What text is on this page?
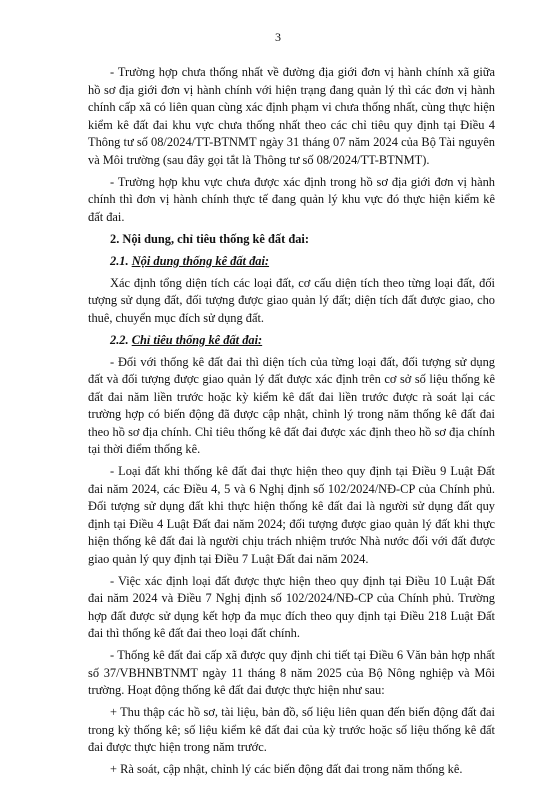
3

- Trường hợp chưa thống nhất về đường địa giới đơn vị hành chính xã giữa hồ sơ địa giới đơn vị hành chính với hiện trạng đang quản lý thì các đơn vị hành chính cấp xã có liên quan cùng xác định phạm vi chưa thống nhất, cùng thực hiện kiểm kê đất đai khu vực chưa thống nhất theo các chỉ tiêu quy định tại Điều 4 Thông tư số 08/2024/TT-BTNMT ngày 31 tháng 07 năm 2024 của Bộ Tài nguyên và Môi trường (sau đây gọi tắt là Thông tư số 08/2024/TT-BTNMT).

- Trường hợp khu vực chưa được xác định trong hồ sơ địa giới đơn vị hành chính thì đơn vị hành chính thực tế đang quản lý khu vực đó thực hiện kiểm kê đất đai.

2. Nội dung, chỉ tiêu thống kê đất đai:

2.1. Nội dung thống kê đất đai:

Xác định tổng diện tích các loại đất, cơ cấu diện tích theo từng loại đất, đối tượng sử dụng đất, đối tượng được giao quản lý đất; diện tích đất được giao, cho thuê, chuyển mục đích sử dụng đất.

2.2. Chỉ tiêu thống kê đất đai:

- Đối với thống kê đất đai thì diện tích của từng loại đất, đối tượng sử dụng đất và đối tượng được giao quản lý đất được xác định trên cơ sở số liệu thống kê đất đai năm liền trước hoặc kỳ kiểm kê đất đai liền trước được rà soát lại các trường hợp có biến động đã được cập nhật, chỉnh lý trong năm thống kê đất đai theo hồ sơ địa chính. Chỉ tiêu thống kê đất đai được xác định theo hồ sơ địa chính tại thời điểm thống kê.

- Loại đất khi thống kê đất đai thực hiện theo quy định tại Điều 9 Luật Đất đai năm 2024, các Điều 4, 5 và 6 Nghị định số 102/2024/NĐ-CP của Chính phủ. Đối tượng sử dụng đất khi thực hiện thống kê đất đai là người sử dụng đất quy định tại Điều 4 Luật Đất đai năm 2024; đối tượng được giao quản lý đất khi thực hiện thống kê đất đai là người chịu trách nhiệm trước Nhà nước đối với đất được giao quản lý quy định tại Điều 7 Luật Đất đai năm 2024.

- Việc xác định loại đất được thực hiện theo quy định tại Điều 10 Luật Đất đai năm 2024 và Điều 7 Nghị định số 102/2024/NĐ-CP của Chính phủ. Trường hợp đất được sử dụng kết hợp đa mục đích theo quy định tại Điều 218 Luật Đất đai thì thống kê đất đai theo loại đất chính.

- Thống kê đất đai cấp xã được quy định chi tiết tại Điều 6 Văn bản hợp nhất số 37/VBHNBTNMT ngày 11 tháng 8 năm 2025 của Bộ Nông nghiệp và Môi trường. Hoạt động thống kê đất đai được thực hiện như sau:

+ Thu thập các hồ sơ, tài liệu, bản đồ, số liệu liên quan đến biến động đất đai trong kỳ thống kê; số liệu kiểm kê đất đai của kỳ trước hoặc số liệu thống kê đất đai được thực hiện trong năm trước.

+ Rà soát, cập nhật, chỉnh lý các biến động đất đai trong năm thống kê.
